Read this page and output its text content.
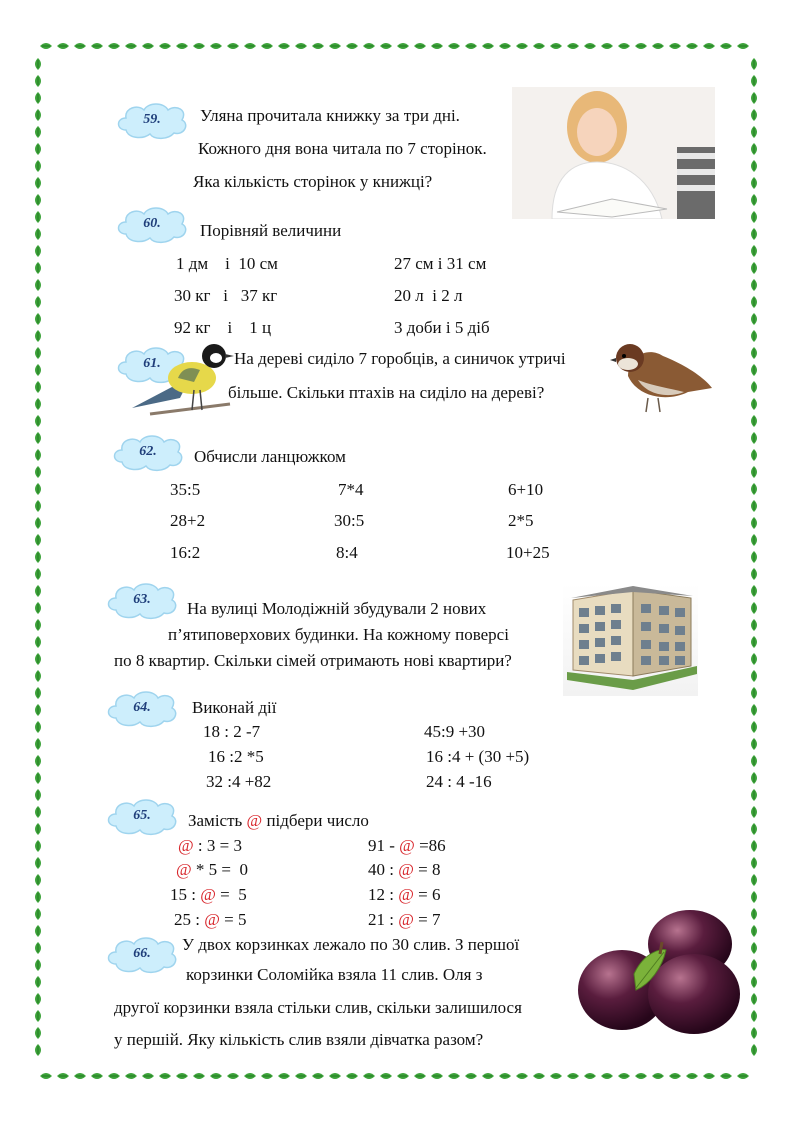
59.	Уляна прочитала книжку за три дні.
Кожного дня вона читала по 7 сторінок.
Яка кількість сторінок у книжці?
60.	Порівняй величини
1 дм    і  10 см	27 см і 31 см
30 кг   і   37 кг	20 л  і 2 л
92 кг    і    1 ц	3 доби і 5 діб
61.	На дереві сиділо 7 горобців, а синичок утричі
більше. Скільки птахів на сиділо на дереві?
62.	Обчисли ланцюжком
35:5	7*4	6+10
28+2	30:5	2*5
16:2	8:4	10+25
63.	На вулиці Молодіжній збудували 2 нових
п’ятиповерхових будинки. На кожному поверсі
по 8 квартир. Скільки сімей отримають нові квартири?
64.	Виконай дії
18 : 2 -7	45:9 +30
16 :2 *5	16 :4 + (30 +5)
32 :4 +82	24 : 4 -16
65.	Замість @ підбери число
@ : 3 = 3	91 - @ =86
@ * 5 =  0	40 : @ = 8
15 : @ =  5	12 : @ = 6
25 : @ = 5	21 : @ = 7
66.	У двох корзинках лежало по 30 слив. З першої
корзинки Соломійка взяла 11 слив. Оля з
другої корзинки взяла стільки слив, скільки залишилося
у першій. Яку кількість слив взяли дівчатка разом?
